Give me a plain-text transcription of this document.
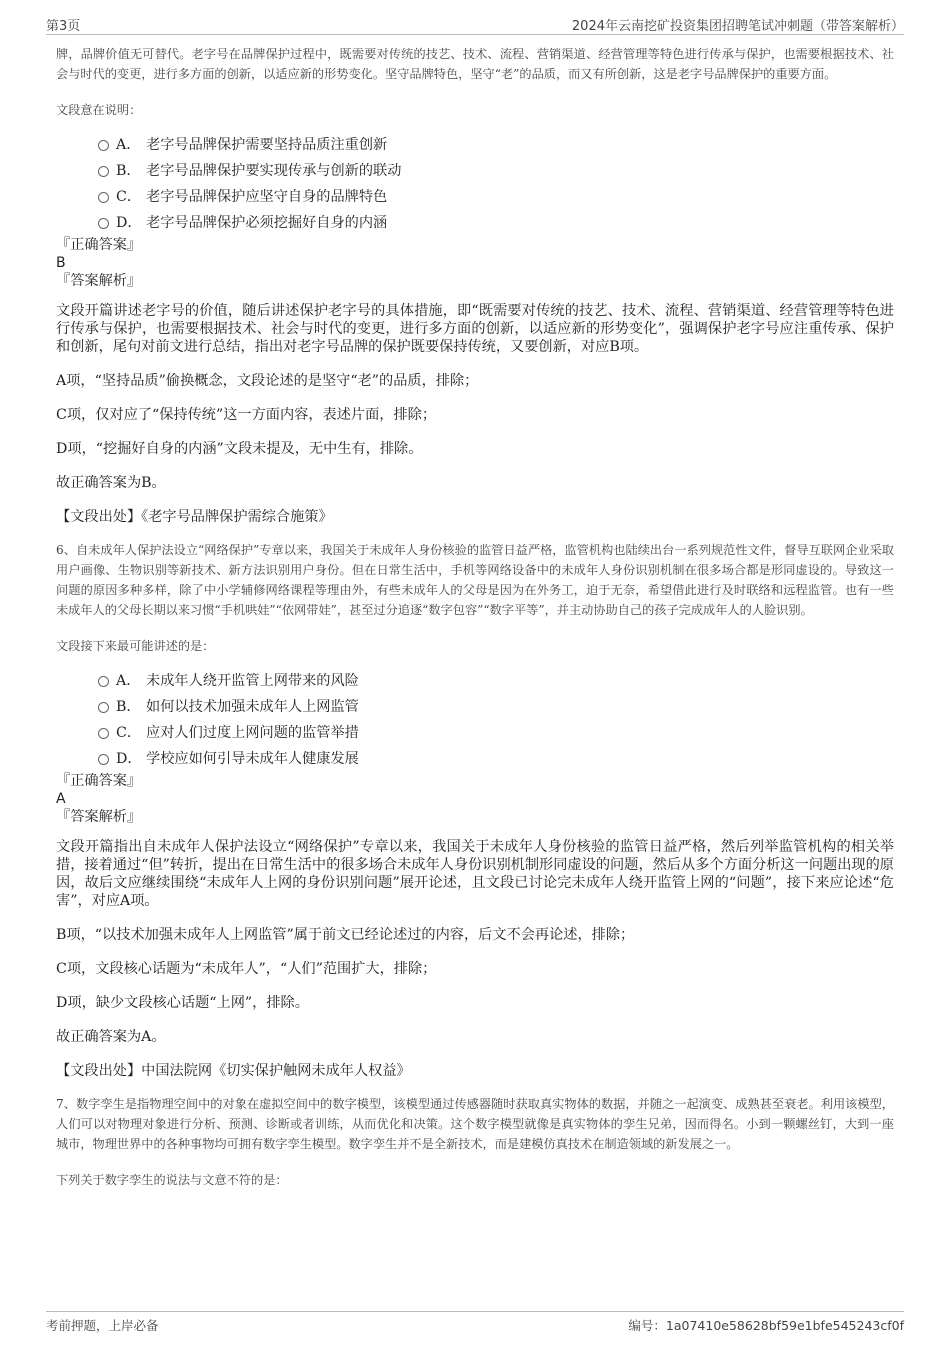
第3页	2024年云南挖矿投资集团招聘笔试冲刺题（带答案解析）

牌，品牌价值无可替代。老字号在品牌保护过程中，既需要对传统的技艺、技术、流程、营销渠道、经营管理等特色进行传承与保护，也需要根据技术、社会与时代的变更，进行多方面的创新，以适应新的形势变化。坚守品牌特色，坚守“老”的品质，而又有所创新，这是老字号品牌保护的重要方面。

文段意在说明：

A． 老字号品牌保护需要坚持品质注重创新
B． 老字号品牌保护要实现传承与创新的联动
C． 老字号品牌保护应坚守自身的品牌特色
D． 老字号品牌保护必须挖掘好自身的内涵
『正确答案』
B
『答案解析』

文段开篇讲述老字号的价值，随后讲述保护老字号的具体措施，即“既需要对传统的技艺、技术、流程、营销渠道、经营管理等特色进行传承与保护，也需要根据技术、社会与时代的变更，进行多方面的创新，以适应新的形势变化”，强调保护老字号应注重传承、保护和创新，尾句对前文进行总结，指出对老字号品牌的保护既要保持传统，又要创新，对应B项。

A项，“坚持品质”偷换概念，文段论述的是坚守“老”的品质，排除；

C项，仅对应了“保持传统”这一方面内容，表述片面，排除；

D项，“挖掘好自身的内涵”文段未提及，无中生有，排除。

故正确答案为B。

【文段出处】《老字号品牌保护需综合施策》

6、自未成年人保护法设立“网络保护”专章以来，我国关于未成年人身份核验的监管日益严格，监管机构也陆续出台一系列规范性文件，督导互联网企业采取用户画像、生物识别等新技术、新方法识别用户身份。但在日常生活中，手机等网络设备中的未成年人身份识别机制在很多场合都是形同虚设的。导致这一问题的原因多种多样，除了中小学辅修网络课程等理由外，有些未成年人的父母是因为在外务工，迫于无奈，希望借此进行及时联络和远程监管。也有一些未成年人的父母长期以来习惯“手机哄娃”“依网带娃”，甚至过分追逐“数字包容”“数字平等”，并主动协助自己的孩子完成成年人的人脸识别。

文段接下来最可能讲述的是：

A． 未成年人绕开监管上网带来的风险
B． 如何以技术加强未成年人上网监管
C． 应对人们过度上网问题的监管举措
D． 学校应如何引导未成年人健康发展
『正确答案』
A
『答案解析』

文段开篇指出自未成年人保护法设立“网络保护”专章以来，我国关于未成年人身份核验的监管日益严格，然后列举监管机构的相关举措，接着通过“但”转折，提出在日常生活中的很多场合未成年人身份识别机制形同虚设的问题，然后从多个方面分析这一问题出现的原因，故后文应继续围绕“未成年人上网的身份识别问题”展开论述，且文段已讨论完未成年人绕开监管上网的“问题”，接下来应论述“危害”，对应A项。

B项，“以技术加强未成年人上网监管”属于前文已经论述过的内容，后文不会再论述，排除；

C项，文段核心话题为“未成年人”，“人们”范围扩大，排除；

D项，缺少文段核心话题“上网”，排除。

故正确答案为A。

【文段出处】中国法院网《切实保护触网未成年人权益》

7、数字孪生是指物理空间中的对象在虚拟空间中的数字模型，该模型通过传感器随时获取真实物体的数据，并随之一起演变、成熟甚至衰老。利用该模型，人们可以对物理对象进行分析、预测、诊断或者训练，从而优化和决策。这个数字模型就像是真实物体的孪生兄弟，因而得名。小到一颗螺丝钉，大到一座城市，物理世界中的各种事物均可拥有数字孪生模型。数字孪生并不是全新技术，而是建模仿真技术在制造领域的新发展之一。

下列关于数字孪生的说法与文意不符的是：

考前押题，上岸必备	编号：1a07410e58628bf59e1bfe545243cf0f
